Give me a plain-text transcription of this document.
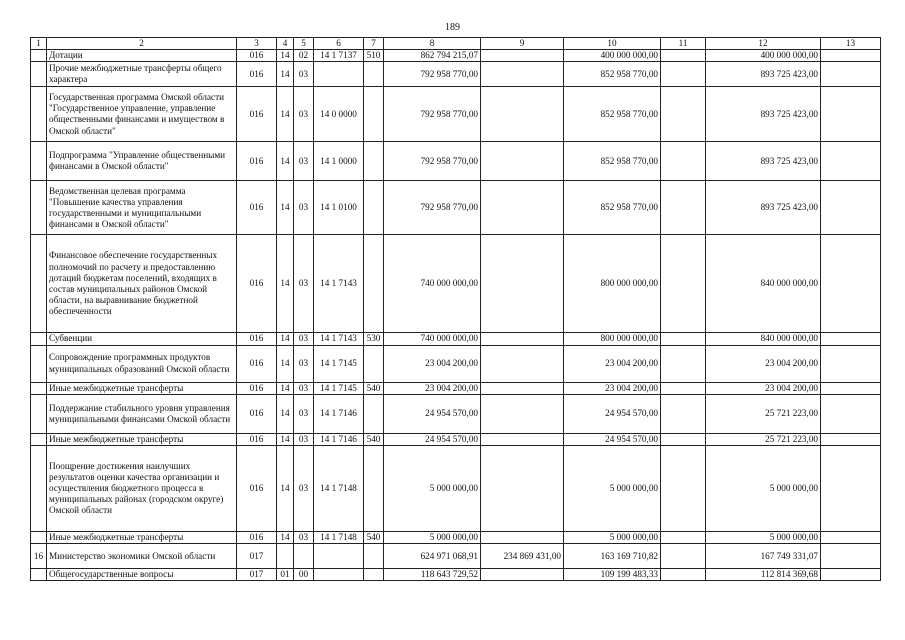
189
1	2	3	4	5	6	7	8	9	10	11	12	13
	Дотации	016	14	02	14 1 7137	510	862 794 215,07		400 000 000,00		400 000 000,00	
	Прочие межбюджетные трансферты общего характера	016	14	03			792 958 770,00		852 958 770,00		893 725 423,00	
	Государственная программа Омской области "Государственное управление, управление общественными финансами и имуществом в Омской области"	016	14	03	14 0 0000		792 958 770,00		852 958 770,00		893 725 423,00	
	Подпрограмма "Управление общественными финансами в Омской области"	016	14	03	14 1 0000		792 958 770,00		852 958 770,00		893 725 423,00	
	Ведомственная целевая программа "Повышение качества управления государственными и муниципальными финансами в Омской области"	016	14	03	14 1 0100		792 958 770,00		852 958 770,00		893 725 423,00	
	Финансовое обеспечение государственных полномочий по расчету и предоставлению дотаций бюджетам поселений, входящих в состав муниципальных районов Омской области, на выравнивание бюджетной обеспеченности	016	14	03	14 1 7143		740 000 000,00		800 000 000,00		840 000 000,00	
	Субвенции	016	14	03	14 1 7143	530	740 000 000,00		800 000 000,00		840 000 000,00	
	Сопровождение программных продуктов муниципальных образований Омской области	016	14	03	14 1 7145		23 004 200,00		23 004 200,00		23 004 200,00	
	Иные межбюджетные трансферты	016	14	03	14 1 7145	540	23 004 200,00		23 004 200,00		23 004 200,00	
	Поддержание стабильного уровня управления муниципальными финансами Омской области	016	14	03	14 1 7146		24 954 570,00		24 954 570,00		25 721 223,00	
	Иные межбюджетные трансферты	016	14	03	14 1 7146	540	24 954 570,00		24 954 570,00		25 721 223,00	
	Поощрение достижения наилучших результатов оценки качества организации и осуществления бюджетного процесса в муниципальных районах (городском округе) Омской области	016	14	03	14 1 7148		5 000 000,00		5 000 000,00		5 000 000,00	
	Иные межбюджетные трансферты	016	14	03	14 1 7148	540	5 000 000,00		5 000 000,00		5 000 000,00	
16	Министерство экономики Омской области	017					624 971 068,91	234 869 431,00	163 169 710,82		167 749 331,07	
	Общегосударственные вопросы	017	01	00			118 643 729,52		109 199 483,33		112 814 369,68	
